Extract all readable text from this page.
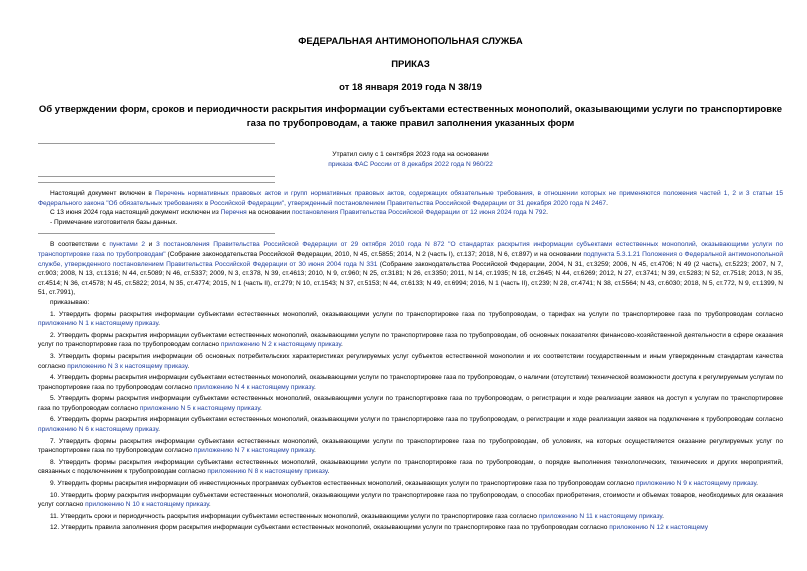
ФЕДЕРАЛЬНАЯ АНТИМОНОПОЛЬНАЯ СЛУЖБА
ПРИКАЗ
от 18 января 2019 года N 38/19
Об утверждении форм, сроков и периодичности раскрытия информации субъектами естественных монополий, оказывающими услуги по транспортировке газа по трубопроводам, а также правил заполнения указанных форм
Утратил силу с 1 сентября 2023 года на основании
приказа ФАС России от 8 декабря 2022 года N 960/22

Настоящий документ включен в Перечень нормативных правовых актов и групп нормативных правовых актов, содержащих обязательные требования, в отношении которых не применяются положения частей 1, 2 и 3 статьи 15 Федерального закона "Об обязательных требованиях в Российской Федерации", утвержденный постановлением Правительства Российской Федерации от 31 декабря 2020 года N 2467.

С 13 июня 2024 года настоящий документ исключен из Перечня на основании постановления Правительства Российской Федерации от 12 июня 2024 года N 792.

- Примечание изготовителя базы данных.

В соответствии с пунктами 2 и 3 постановления Правительства Российской Федерации от 29 октября 2010 года N 872 "О стандартах раскрытия информации субъектами естественных монополий, оказывающими услуги по транспортировке газа по трубопроводам" (Собрание законодательства Российской Федерации, 2010, N 45, ст.5855; 2014, N 2 (часть I), ст.137; 2018, N 6, ст.897) и на основании подпункта 5.3.1.21 Положения о Федеральной антимонопольной службе, утвержденного постановлением Правительства Российской Федерации от 30 июня 2004 года N 331 (Собрание законодательства Российской Федерации, 2004, N 31, ст.3259; 2006, N 45, ст.4706; N 49 (2 часть), ст.5223; 2007, N 7, ст.903; 2008, N 13, ст.1316; N 44, ст.5089; N 46, ст.5337; 2009, N 3, ст.378, N 39, ст.4613; 2010, N 9, ст.960; N 25, ст.3181; N 26, ст.3350; 2011, N 14, ст.1935; N 18, ст.2645; N 44, ст.6269; 2012, N 27, ст.3741; N 39, ст.5283; N 52, ст.7518; 2013, N 35, ст.4514; N 36, ст.4578; N 45, ст.5822; 2014, N 35, ст.4774; 2015, N 1 (часть II), ст.279; N 10, ст.1543; N 37, ст.5153; N 44, ст.6133; N 49, ст.6994; 2016, N 1 (часть II), ст.239; N 28, ст.4741; N 38, ст.5564; N 43, ст.6030; 2018, N 5, ст.772, N 9, ст.1399, N 51, ст.7991),

приказываю:

1. Утвердить формы раскрытия информации субъектами естественных монополий, оказывающими услуги по транспортировке газа по трубопроводам, о тарифах на услуги по транспортировке газа по трубопроводам согласно приложению N 1 к настоящему приказу.

2. Утвердить формы раскрытия информации субъектами естественных монополий, оказывающими услуги по транспортировке газа по трубопроводам, об основных показателях финансово-хозяйственной деятельности в сфере оказания услуг по транспортировке газа по трубопроводам согласно приложению N 2 к настоящему приказу.

3. Утвердить формы раскрытия информации об основных потребительских характеристиках регулируемых услуг субъектов естественной монополии и их соответствии государственным и иным утвержденным стандартам качества согласно приложению N 3 к настоящему приказу.

4. Утвердить формы раскрытия информации субъектами естественных монополий, оказывающими услуги по транспортировке газа по трубопроводам, о наличии (отсутствии) технической возможности доступа к регулируемым услугам по транспортировке газа по трубопроводам согласно приложению N 4 к настоящему приказу.

5. Утвердить формы раскрытия информации субъектами естественных монополий, оказывающими услуги по транспортировке газа по трубопроводам, о регистрации и ходе реализации заявок на доступ к услугам по транспортировке газа по трубопроводам согласно приложению N 5 к настоящему приказу.

6. Утвердить формы раскрытия информации субъектами естественных монополий, оказывающими услуги по транспортировке газа по трубопроводам, о регистрации и ходе реализации заявок на подключение к трубопроводам согласно приложению N 6 к настоящему приказу.

7. Утвердить формы раскрытия информации субъектами естественных монополий, оказывающими услуги по транспортировке газа по трубопроводам, об условиях, на которых осуществляется оказание регулируемых услуг по транспортировке газа по трубопроводам согласно приложению N 7 к настоящему приказу.

8. Утвердить формы раскрытия информации субъектами естественных монополий, оказывающими услуги по транспортировке газа по трубопроводам, о порядке выполнения технологических, технических и других мероприятий, связанных с подключением к трубопроводам согласно приложению N 8 к настоящему приказу.

9. Утвердить формы раскрытия информации об инвестиционных программах субъектов естественных монополий, оказывающих услуги по транспортировке газа по трубопроводам согласно приложению N 9 к настоящему приказу.

10. Утвердить форму раскрытия информации субъектами естественных монополий, оказывающими услуги по транспортировке газа по трубопроводам, о способах приобретения, стоимости и объемах товаров, необходимых для оказания услуг согласно приложению N 10 к настоящему приказу.

11. Утвердить сроки и периодичность раскрытия информации субъектами естественных монополий, оказывающими услуги по транспортировке газа согласно приложению N 11 к настоящему приказу.

12. Утвердить правила заполнения форм раскрытия информации субъектами естественных монополий, оказывающими услуги по транспортировке газа по трубопроводам согласно приложению N 12 к настоящему
